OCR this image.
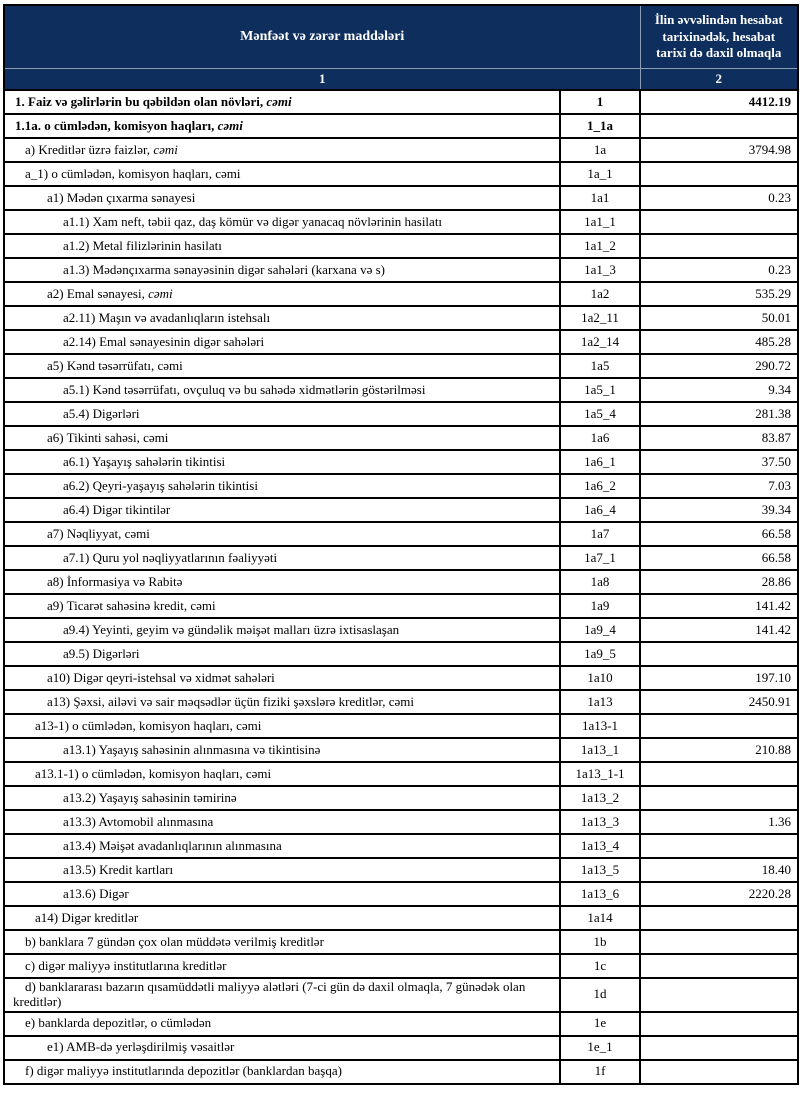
Mənfəət və zərər maddələri		İlin əvvəlindən hesabat tarixinədək, hesabat tarixi də daxil olmaqla
1		2
1. Faiz və gəlirlərin bu qəbildən olan növləri, cəmi	1	4412.19
1.1a. o cümlədən, komisyon haqları, cəmi	1_1a	
a) Kreditlər üzrə faizlər, cəmi	1a	3794.98
a_1) o cümlədən, komisyon haqları, cəmi	1a_1	
a1) Mədən çıxarma sənayesi	1a1	0.23
a1.1) Xam neft, təbii qaz, daş kömür və digər yanacaq növlərinin hasilatı	1a1_1	
a1.2) Metal filizlərinin hasilatı	1a1_2	
a1.3) Mədənçıxarma sənayəsinin digər sahələri (karxana və s)	1a1_3	0.23
a2) Emal sənayesi, cəmi	1a2	535.29
a2.11) Maşın və avadanlıqların istehsalı	1a2_11	50.01
a2.14) Emal sənayesinin digər sahələri	1a2_14	485.28
a5) Kənd təsərrüfatı, cəmi	1a5	290.72
a5.1) Kənd təsərrüfatı, ovçuluq və bu sahədə xidmətlərin göstərilməsi	1a5_1	9.34
a5.4) Digərləri	1a5_4	281.38
a6) Tikinti sahəsi, cəmi	1a6	83.87
a6.1) Yaşayış sahələrin tikintisi	1a6_1	37.50
a6.2) Qeyri-yaşayış sahələrin tikintisi	1a6_2	7.03
a6.4) Digər tikintilər	1a6_4	39.34
a7) Nəqliyyat, cəmi	1a7	66.58
a7.1) Quru yol nəqliyyatlarının fəaliyyəti	1a7_1	66.58
a8) İnformasiya və Rabitə	1a8	28.86
a9) Ticarət sahəsinə kredit, cəmi	1a9	141.42
a9.4) Yeyinti, geyim və gündəlik məişət malları üzrə ixtisaslaşan	1a9_4	141.42
a9.5) Digərləri	1a9_5	
a10) Digər qeyri-istehsal və xidmət sahələri	1a10	197.10
a13) Şəxsi, ailəvi və sair məqsədlər üçün fiziki şəxslərə kreditlər, cəmi	1a13	2450.91
a13-1) o cümlədən, komisyon haqları, cəmi	1a13-1	
a13.1) Yaşayış sahəsinin alınmasına və tikintisinə	1a13_1	210.88
a13.1-1) o cümlədən, komisyon haqları, cəmi	1a13_1-1	
a13.2) Yaşayış sahəsinin təmirinə	1a13_2	
a13.3) Avtomobil alınmasına	1a13_3	1.36
a13.4) Məişət avadanlıqlarının alınmasına	1a13_4	
a13.5) Kredit kartları	1a13_5	18.40
a13.6) Digər	1a13_6	2220.28
a14) Digər kreditlər	1a14	
b) banklara 7 gündən çox olan müddətə verilmiş kreditlər	1b	
c) digər maliyyə institutlarına kreditlər	1c	
d) banklararası bazarın qısamüddətli maliyyə alətləri (7-ci gün də daxil olmaqla, 7 günədək olan kreditlər)	1d	
e) banklarda depozitlər, o cümlədən	1e	
e1) AMB-də yerləşdirilmiş vəsaitlər	1e_1	
f) digər maliyyə institutlarında depozitlər (banklardan başqa)	1f	
